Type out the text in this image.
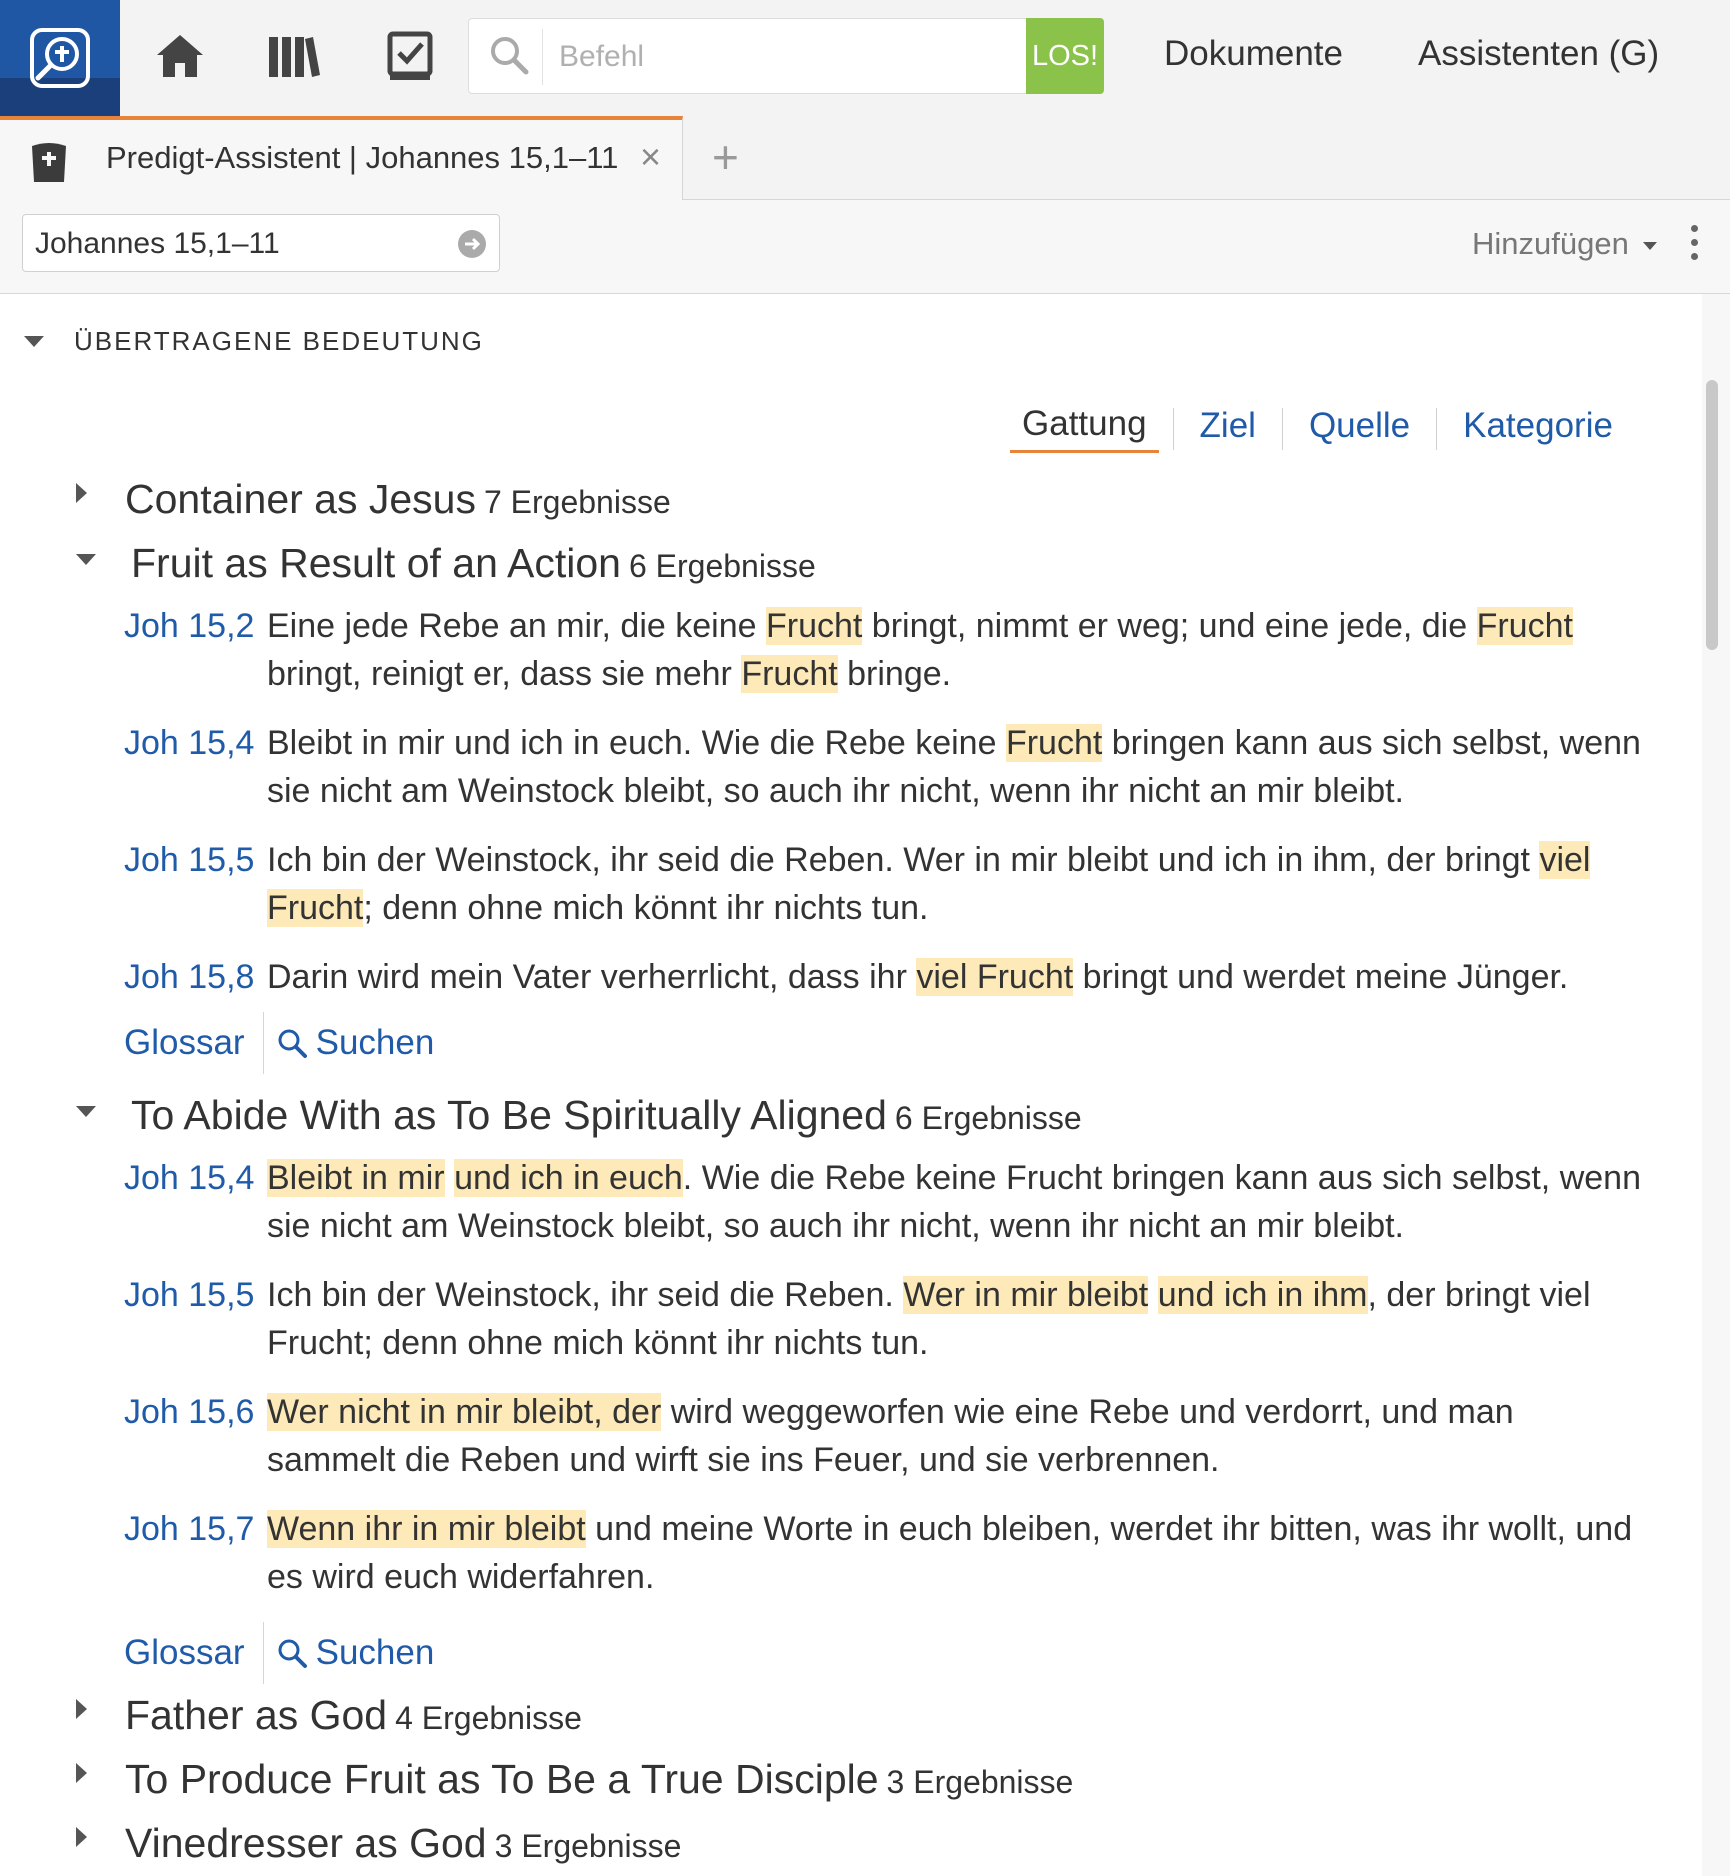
Befehl
LOS! Dokumente Assistenten (G)
Predigt-Assistent | Johannes 15,1–11 × +
Johannes 15,1–11
Hinzufügen
ÜBERTRAGENE BEDEUTUNG
Gattung	Ziel	Quelle	Kategorie
Container as Jesus 7 Ergebnisse
Fruit as Result of an Action 6 Ergebnisse
Joh 15,2 Eine jede Rebe an mir, die keine Frucht bringt, nimmt er weg; und eine jede, die Frucht bringt, reinigt er, dass sie mehr Frucht bringe.
Joh 15,4 Bleibt in mir und ich in euch. Wie die Rebe keine Frucht bringen kann aus sich selbst, wenn sie nicht am Weinstock bleibt, so auch ihr nicht, wenn ihr nicht an mir bleibt.
Joh 15,5 Ich bin der Weinstock, ihr seid die Reben. Wer in mir bleibt und ich in ihm, der bringt viel Frucht; denn ohne mich könnt ihr nichts tun.
Joh 15,8 Darin wird mein Vater verherrlicht, dass ihr viel Frucht bringt und werdet meine Jünger.
Glossar Suchen
To Abide With as To Be Spiritually Aligned 6 Ergebnisse
Joh 15,4 Bleibt in mir und ich in euch. Wie die Rebe keine Frucht bringen kann aus sich selbst, wenn sie nicht am Weinstock bleibt, so auch ihr nicht, wenn ihr nicht an mir bleibt.
Joh 15,5 Ich bin der Weinstock, ihr seid die Reben. Wer in mir bleibt und ich in ihm, der bringt viel Frucht; denn ohne mich könnt ihr nichts tun.
Joh 15,6 Wer nicht in mir bleibt, der wird weggeworfen wie eine Rebe und verdorrt, und man sammelt die Reben und wirft sie ins Feuer, und sie verbrennen.
Joh 15,7 Wenn ihr in mir bleibt und meine Worte in euch bleiben, werdet ihr bitten, was ihr wollt, und es wird euch widerfahren.
Glossar Suchen
Father as God 4 Ergebnisse
To Produce Fruit as To Be a True Disciple 3 Ergebnisse
Vinedresser as God 3 Ergebnisse
